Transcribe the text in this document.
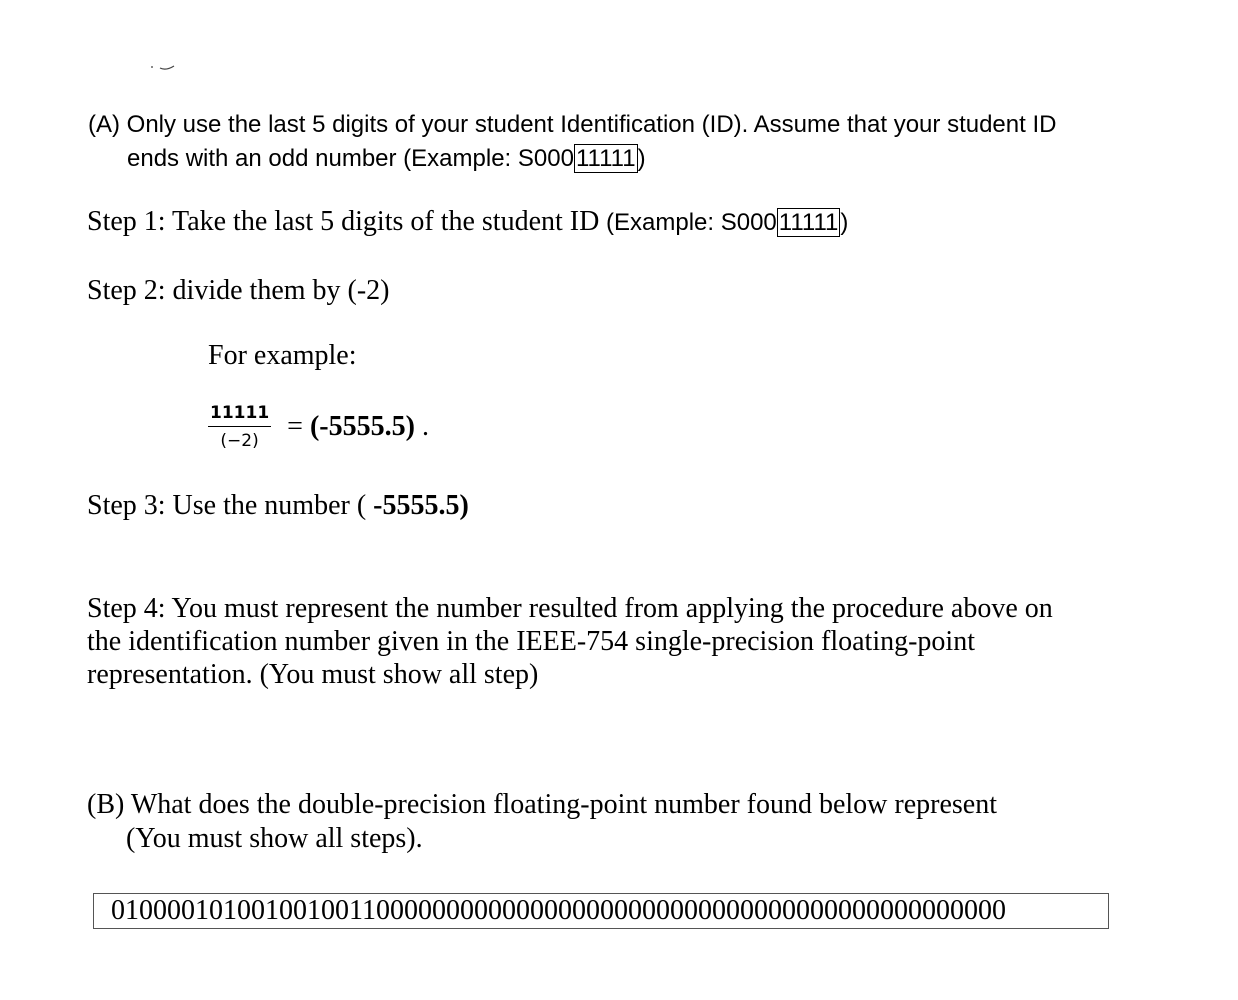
(A) Only use the last 5 digits of your student Identification (ID). Assume that your student ID
ends with an odd number (Example: S00011111)
Step 1: Take the last 5 digits of the student ID (Example: S00011111)
Step 2: divide them by (-2)
For example:
$\frac{11111}{(-2)} = (-5555.5)$ .
Step 3: Use the number ( -5555.5)
Step 4: You must represent the number resulted from applying the procedure above on the identification number given in the IEEE-754 single-precision floating-point representation. (You must show all step)
(B) What does the double-precision floating-point number found below represent
(You must show all steps).
0100001010010010011000000000000000000000000000000000000000000000
